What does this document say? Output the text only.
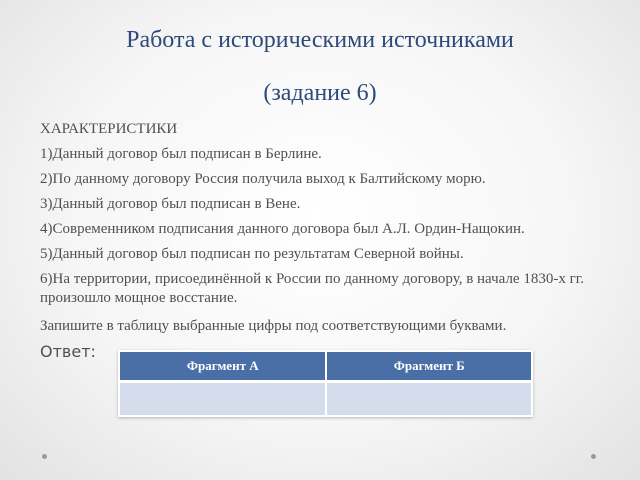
Работа с историческими источниками
(задание 6)
ХАРАКТЕРИСТИКИ
1)Данный договор был подписан в Берлине.
2)По данному договору Россия получила выход к Балтийскому морю.
3)Данный договор был подписан в Вене.
4)Современником подписания данного договора был А.Л. Ордин-Нащокин.
5)Данный договор был подписан по результатам Северной войны.
6)На территории, присоединённой к России по данному договору, в начале 1830-х гг. произошло мощное восстание.
Запишите в таблицу выбранные цифры под соответствующими буквами.
Ответ:
Фрагмент А	Фрагмент Б
